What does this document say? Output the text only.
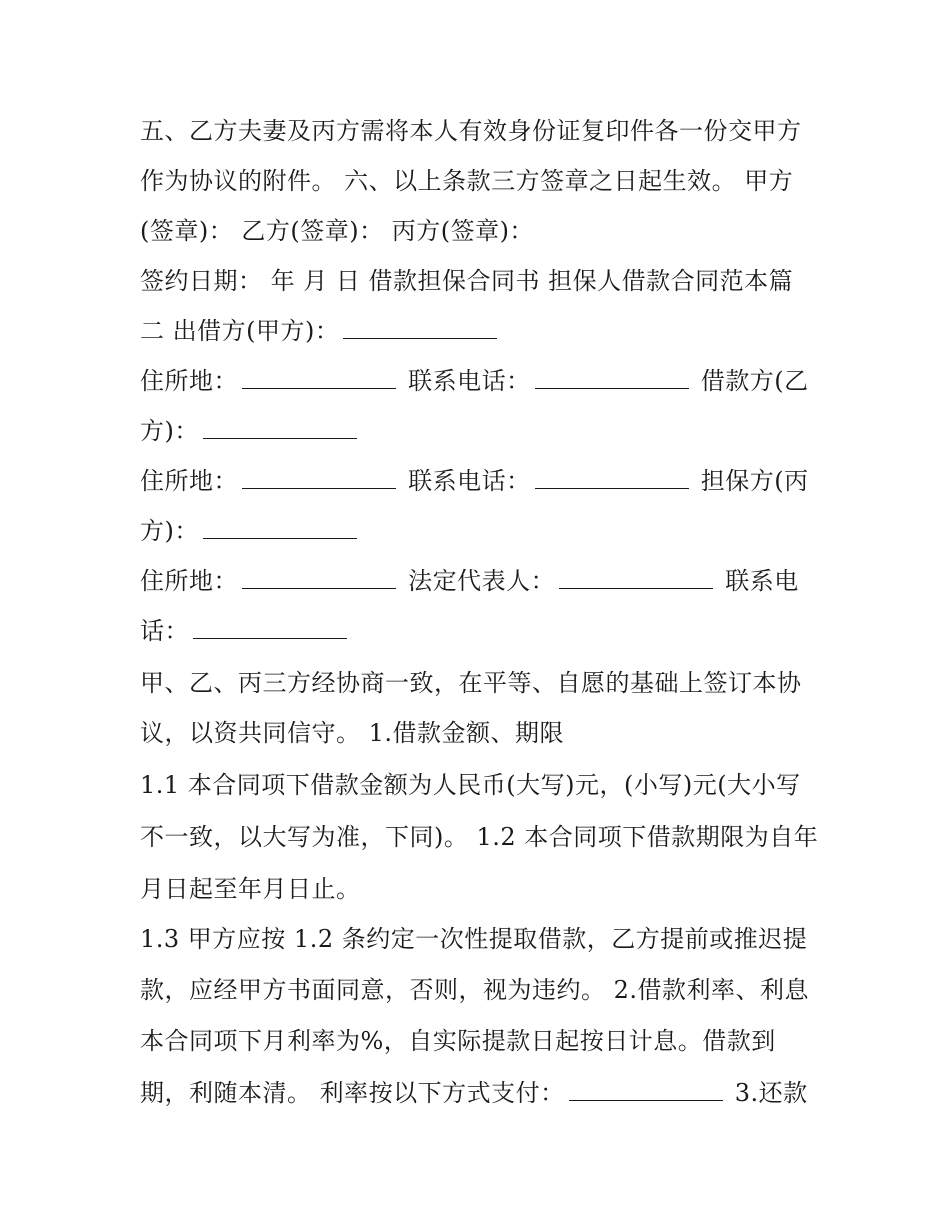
五、乙方夫妻及丙方需将本人有效身份证复印件各一份交甲方
作为协议的附件。 六、以上条款三方签章之日起生效。 甲方
(签章)： 乙方(签章)： 丙方(签章)：
签约日期： 年 月 日 借款担保合同书 担保人借款合同范本篇
二 出借方(甲方)：
住所地：	联系电话：	借款方(乙
方)：
住所地：	联系电话：	担保方(丙
方)：
住所地：	法定代表人：	联系电
话：
甲、乙、丙三方经协商一致，在平等、自愿的基础上签订本协
议，以资共同信守。 1.借款金额、期限
1.1 本合同项下借款金额为人民币(大写)元，(小写)元(大小写
不一致，以大写为准，下同)。 1.2 本合同项下借款期限为自年
月日起至年月日止。
1.3 甲方应按 1.2 条约定一次性提取借款，乙方提前或推迟提
款，应经甲方书面同意，否则，视为违约。 2.借款利率、利息
本合同项下月利率为%，自实际提款日起按日计息。借款到
期，利随本清。 利率按以下方式支付：	3.还款
